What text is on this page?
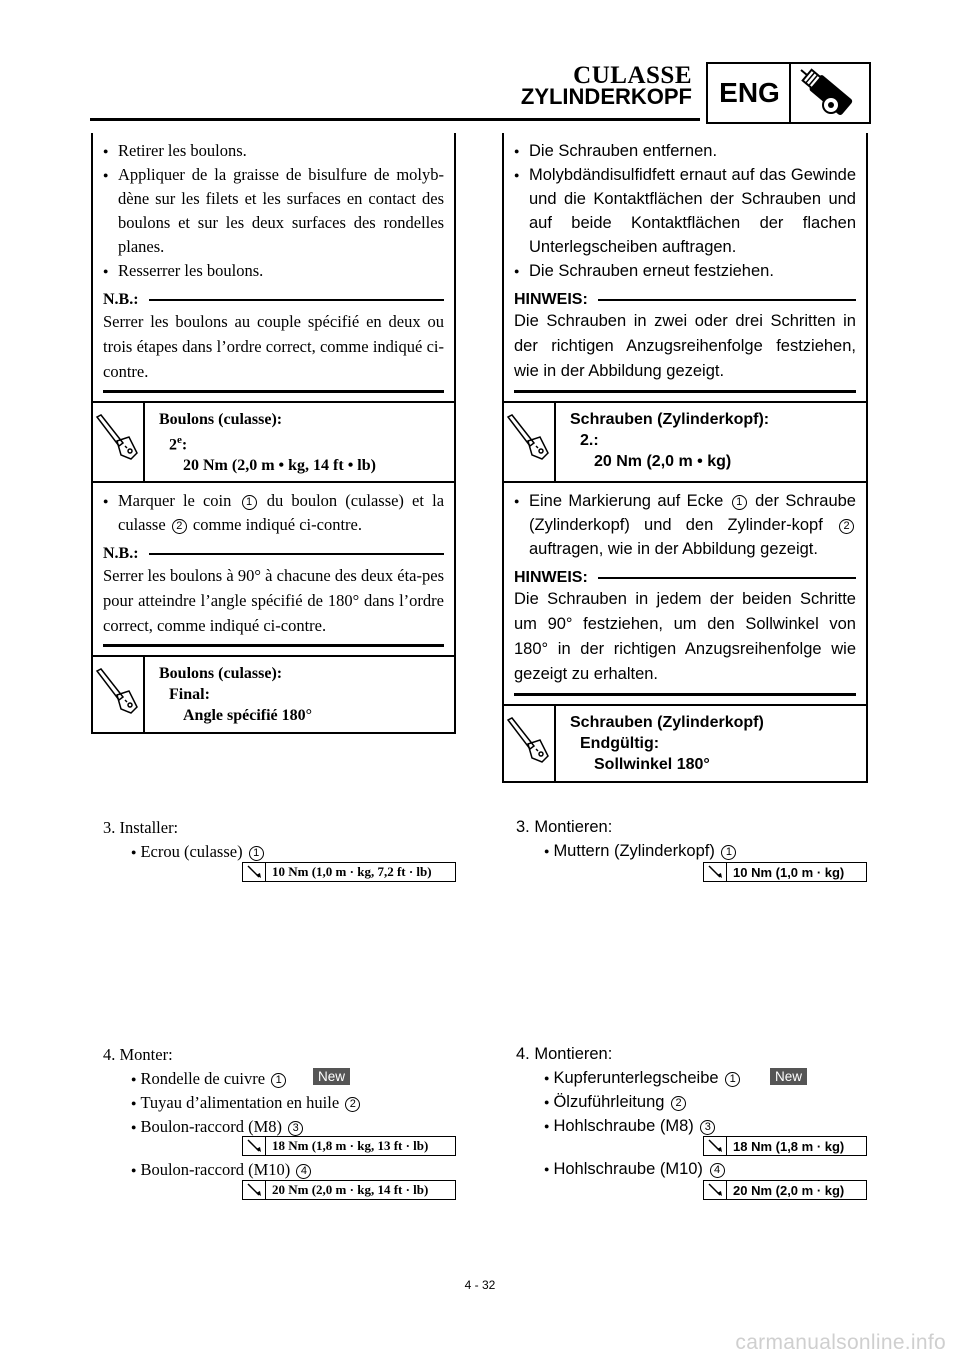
CULASSE
ZYLINDERKOPF ENG
● Retirer les boulons.
● Appliquer de la graisse de bisulfure de molyb-dène sur les filets et les surfaces en contact des boulons et sur les deux surfaces des rondelles planes.
● Resserrer les boulons.
N.B.:
Serrer les boulons au couple spécifié en deux ou trois étapes dans l’ordre correct, comme indiqué ci-contre.
Boulons (culasse):
2e:
20 Nm (2,0 m • kg, 14 ft • lb)
● Marquer le coin 1 du boulon (culasse) et la culasse 2 comme indiqué ci-contre.
N.B.:
Serrer les boulons à 90° à chacune des deux éta-pes pour atteindre l’angle spécifié de 180° dans l’ordre correct, comme indiqué ci-contre.
Boulons (culasse):
Final:
Angle spécifié 180°
● Die Schrauben entfernen.
● Molybdändisulfidfett ernaut auf das Gewinde und die Kontaktflächen der Schrauben und auf beide Kontaktflächen der flachen Unterlegscheiben auftragen.
● Die Schrauben erneut festziehen.
HINWEIS:
Die Schrauben in zwei oder drei Schritten in der richtigen Anzugsreihenfolge festziehen, wie in der Abbildung gezeigt.
Schrauben (Zylinderkopf):
2.:
20 Nm (2,0 m • kg)
● Eine Markierung auf Ecke 1 der Schraube (Zylinderkopf) und den Zylinder-kopf 2 auftragen, wie in der Abbildung gezeigt.
HINWEIS:
Die Schrauben in jedem der beiden Schritte um 90° festziehen, um den Sollwinkel von 180° in der richtigen Anzugsreihenfolge wie gezeigt zu erhalten.
Schrauben (Zylinderkopf)
Endgültig:
Sollwinkel 180°
3. Installer:
● Ecrou (culasse) 1
10 Nm (1,0 m · kg, 7,2 ft · lb)
4. Monter:
● Rondelle de cuivre 1	New
● Tuyau d’alimentation en huile 2
● Boulon-raccord (M8) 3
18 Nm (1,8 m · kg, 13 ft · lb)
● Boulon-raccord (M10) 4
20 Nm (2,0 m · kg, 14 ft · lb)
3. Montieren:
● Muttern (Zylinderkopf) 1
10 Nm (1,0 m · kg)
4. Montieren:
● Kupferunterlegscheibe 1	New
● Ölzuführleitung 2
● Hohlschraube (M8) 3
18 Nm (1,8 m · kg)
● Hohlschraube (M10) 4
20 Nm (2,0 m · kg)
4 - 32
carmanualsonline.info
